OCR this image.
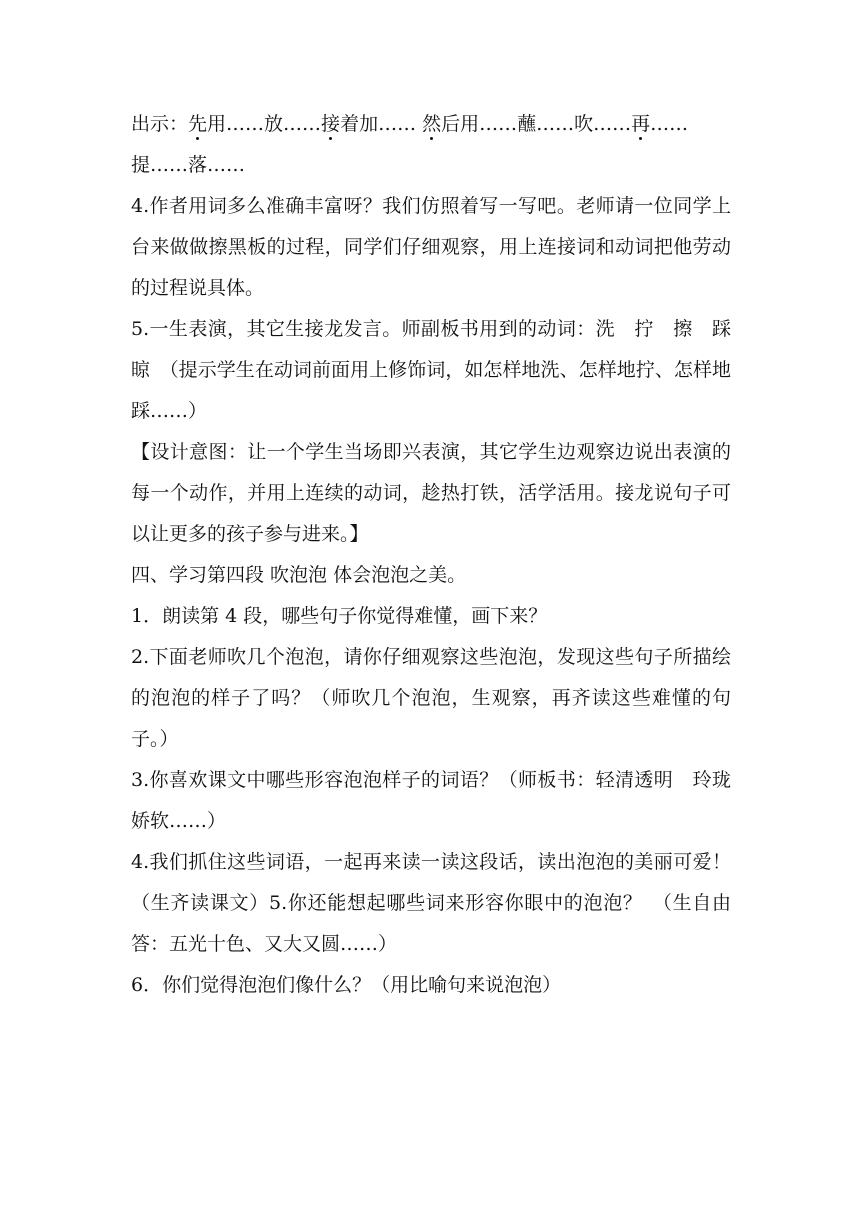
出示：先用……放……接着加…… 然后用……蘸……吹……再……

提……落……

4.作者用词多么准确丰富呀？我们仿照着写一写吧。老师请一位同学上台来做做擦黑板的过程，同学们仔细观察，用上连接词和动词把他劳动的过程说具体。

5.一生表演，其它生接龙发言。师副板书用到的动词：洗　拧　擦　踩　晾　（提示学生在动词前面用上修饰词，如怎样地洗、怎样地拧、怎样地踩……）

【设计意图：让一个学生当场即兴表演，其它学生边观察边说出表演的每一个动作，并用上连续的动词，趁热打铁，活学活用。接龙说句子可以让更多的孩子参与进来。】

四、学习第四段 吹泡泡 体会泡泡之美。

1．朗读第 4 段，哪些句子你觉得难懂，画下来？

2.下面老师吹几个泡泡，请你仔细观察这些泡泡，发现这些句子所描绘的泡泡的样子了吗？（师吹几个泡泡，生观察，再齐读这些难懂的句子。）

3.你喜欢课文中哪些形容泡泡样子的词语？（师板书：轻清透明　玲珑娇软……）

4.我们抓住这些词语，一起再来读一读这段话，读出泡泡的美丽可爱！（生齐读课文）5.你还能想起哪些词来形容你眼中的泡泡？　（生自由答：五光十色、又大又圆……）

6．你们觉得泡泡们像什么？（用比喻句来说泡泡）
